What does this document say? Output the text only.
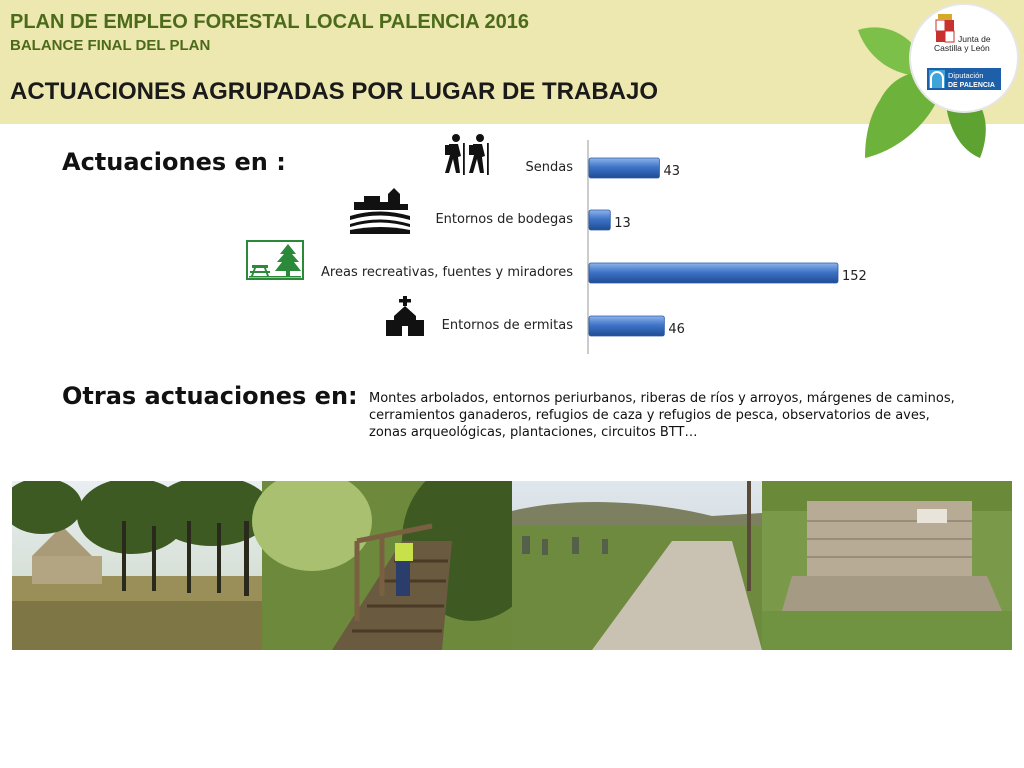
PLAN DE EMPLEO FORESTAL LOCAL PALENCIA 2016
BALANCE FINAL DEL PLAN
ACTUACIONES AGRUPADAS POR LUGAR DE TRABAJO
Junta de
Castilla y León
Diputación
DE PALENCIA
Actuaciones en :
Otras actuaciones en:
Sendas
Entornos de bodegas
Areas recreativas, fuentes y miradores
Entornos de ermitas
43
13
152
46
Montes arbolados, entornos periurbanos, riberas de ríos y arroyos, márgenes de caminos, cerramientos ganaderos, refugios de caza y refugios de pesca, observatorios de aves, zonas arqueológicas, plantaciones, circuitos BTT…
